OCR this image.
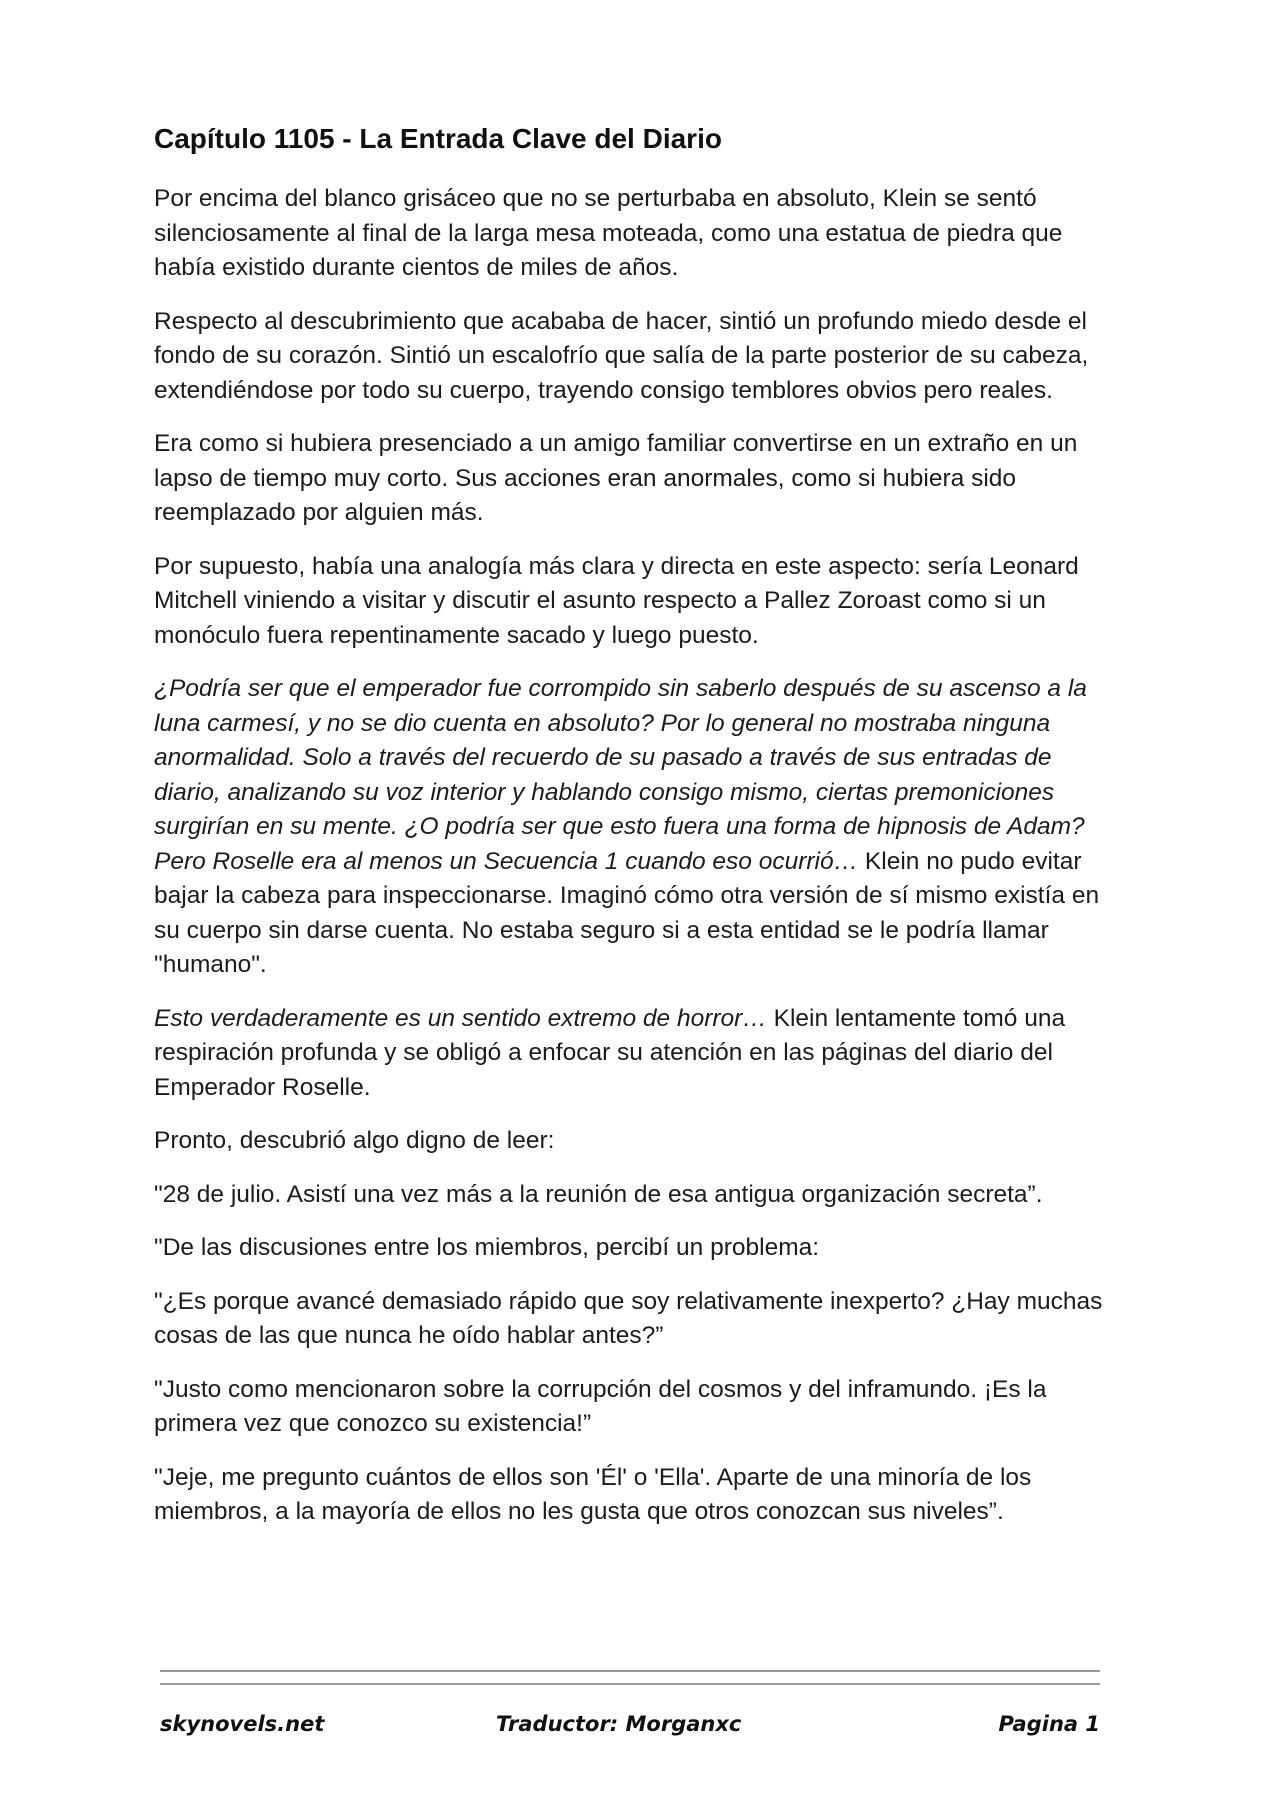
Capítulo 1105 - La Entrada Clave del Diario

Por encima del blanco grisáceo que no se perturbaba en absoluto, Klein se sentó silenciosamente al final de la larga mesa moteada, como una estatua de piedra que había existido durante cientos de miles de años.

Respecto al descubrimiento que acababa de hacer, sintió un profundo miedo desde el fondo de su corazón. Sintió un escalofrío que salía de la parte posterior de su cabeza, extendiéndose por todo su cuerpo, trayendo consigo temblores obvios pero reales.

Era como si hubiera presenciado a un amigo familiar convertirse en un extraño en un lapso de tiempo muy corto. Sus acciones eran anormales, como si hubiera sido reemplazado por alguien más.

Por supuesto, había una analogía más clara y directa en este aspecto: sería Leonard Mitchell viniendo a visitar y discutir el asunto respecto a Pallez Zoroast como si un monóculo fuera repentinamente sacado y luego puesto.

¿Podría ser que el emperador fue corrompido sin saberlo después de su ascenso a la luna carmesí, y no se dio cuenta en absoluto? Por lo general no mostraba ninguna anormalidad. Solo a través del recuerdo de su pasado a través de sus entradas de diario, analizando su voz interior y hablando consigo mismo, ciertas premoniciones surgirían en su mente. ¿O podría ser que esto fuera una forma de hipnosis de Adam? Pero Roselle era al menos un Secuencia 1 cuando eso ocurrió… Klein no pudo evitar bajar la cabeza para inspeccionarse. Imaginó cómo otra versión de sí mismo existía en su cuerpo sin darse cuenta. No estaba seguro si a esta entidad se le podría llamar "humano".

Esto verdaderamente es un sentido extremo de horror… Klein lentamente tomó una respiración profunda y se obligó a enfocar su atención en las páginas del diario del Emperador Roselle.

Pronto, descubrió algo digno de leer:

"28 de julio. Asistí una vez más a la reunión de esa antigua organización secreta”.

"De las discusiones entre los miembros, percibí un problema:

"¿Es porque avancé demasiado rápido que soy relativamente inexperto? ¿Hay muchas cosas de las que nunca he oído hablar antes?”

"Justo como mencionaron sobre la corrupción del cosmos y del inframundo. ¡Es la primera vez que conozco su existencia!”

"Jeje, me pregunto cuántos de ellos son 'Él' o 'Ella'. Aparte de una minoría de los miembros, a la mayoría de ellos no les gusta que otros conozcan sus niveles”.

skynovels.net	Traductor: Morganxc	Pagina 1
